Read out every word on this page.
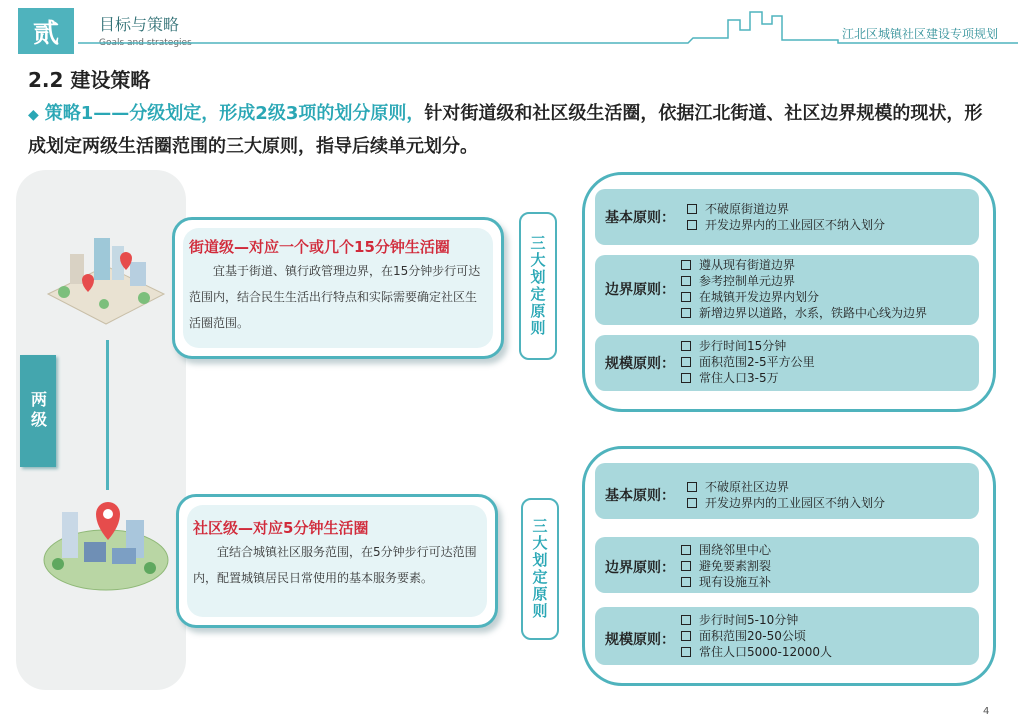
贰	目标与策略
Goals and strategies
江北区城镇社区建设专项规划
2.2 建设策略
◆ 策略1——分级划定，形成2级3项的划分原则，针对街道级和社区级生活圈，依据江北街道、社区边界规模的现状，形成划定两级生活圈范围的三大原则，指导后续单元划分。
两级
街道级—对应一个或几个15分钟生活圈
宜基于街道、镇行政管理边界，在15分钟步行可达范围内，结合民生生活出行特点和实际需要确定社区生活圈范围。
社区级—对应5分钟生活圈
宜结合城镇社区服务范围，在5分钟步行可达范围内，配置城镇居民日常使用的基本服务要素。
三大划定原则
三大划定原则
基本原则：
不破原街道边界
开发边界内的工业园区不纳入划分
边界原则：
遵从现有街道边界
参考控制单元边界
在城镇开发边界内划分
新增边界以道路，水系，铁路中心线为边界
规模原则：
步行时间15分钟
面积范围2-5平方公里
常住人口3-5万
基本原则：
不破原社区边界
开发边界内的工业园区不纳入划分
边界原则：
围绕邻里中心
避免要素割裂
现有设施互补
规模原则：
步行时间5-10分钟
面积范围20-50公顷
常住人口5000-12000人
4
